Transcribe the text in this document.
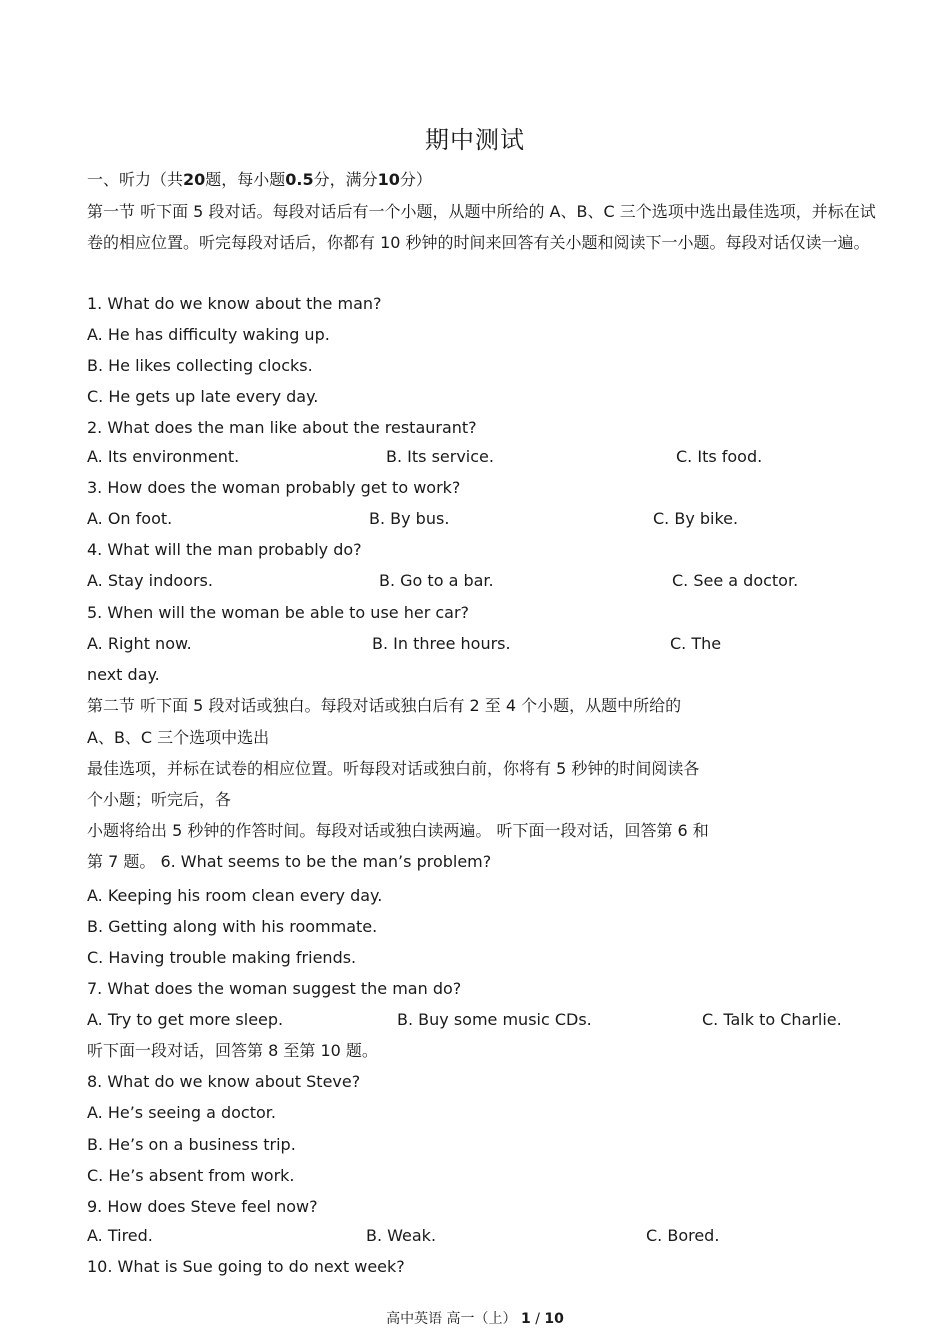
期中测试
一、听力（共20题，每小题0.5分，满分10分）
第一节 听下面 5 段对话。每段对话后有一个小题，从题中所给的 A、B、C 三个选项中选出最佳选项，并标在试卷的相应位置。听完每段对话后，你都有 10 秒钟的时间来回答有关小题和阅读下一小题。每段对话仅读一遍。
1. What do we know about the man?
A. He has difficulty waking up.
B. He likes collecting clocks.
C. He gets up late every day.
2. What does the man like about the restaurant?
A. Its environment.	B. Its service.	C. Its food.
3. How does the woman probably get to work?
A. On foot.	B. By bus.	C. By bike.
4. What will the man probably do?
A. Stay indoors.	B. Go to a bar.	C. See a doctor.
5. When will the woman be able to use her car?
A. Right now.	B. In three hours.	C. The
next day.
第二节 听下面 5 段对话或独白。每段对话或独白后有 2 至 4 个小题，从题中所给的
A、B、C 三个选项中选出
最佳选项，并标在试卷的相应位置。听每段对话或独白前，你将有 5 秒钟的时间阅读各
个小题；听完后，各
小题将给出 5 秒钟的作答时间。每段对话或独白读两遍。 听下面一段对话，回答第 6 和
第 7 题。 6. What seems to be the man’s problem?
A. Keeping his room clean every day.
B. Getting along with his roommate.
C. Having trouble making friends.
7. What does the woman suggest the man do?
A. Try to get more sleep.	B. Buy some music CDs.	C. Talk to Charlie.
听下面一段对话，回答第 8 至第 10 题。
8. What do we know about Steve?
A. He’s seeing a doctor.
B. He’s on a business trip.
C. He’s absent from work.
9. How does Steve feel now?
A. Tired.	B. Weak.	C. Bored.
10. What is Sue going to do next week?
高中英语 高一（上） 1 / 10
